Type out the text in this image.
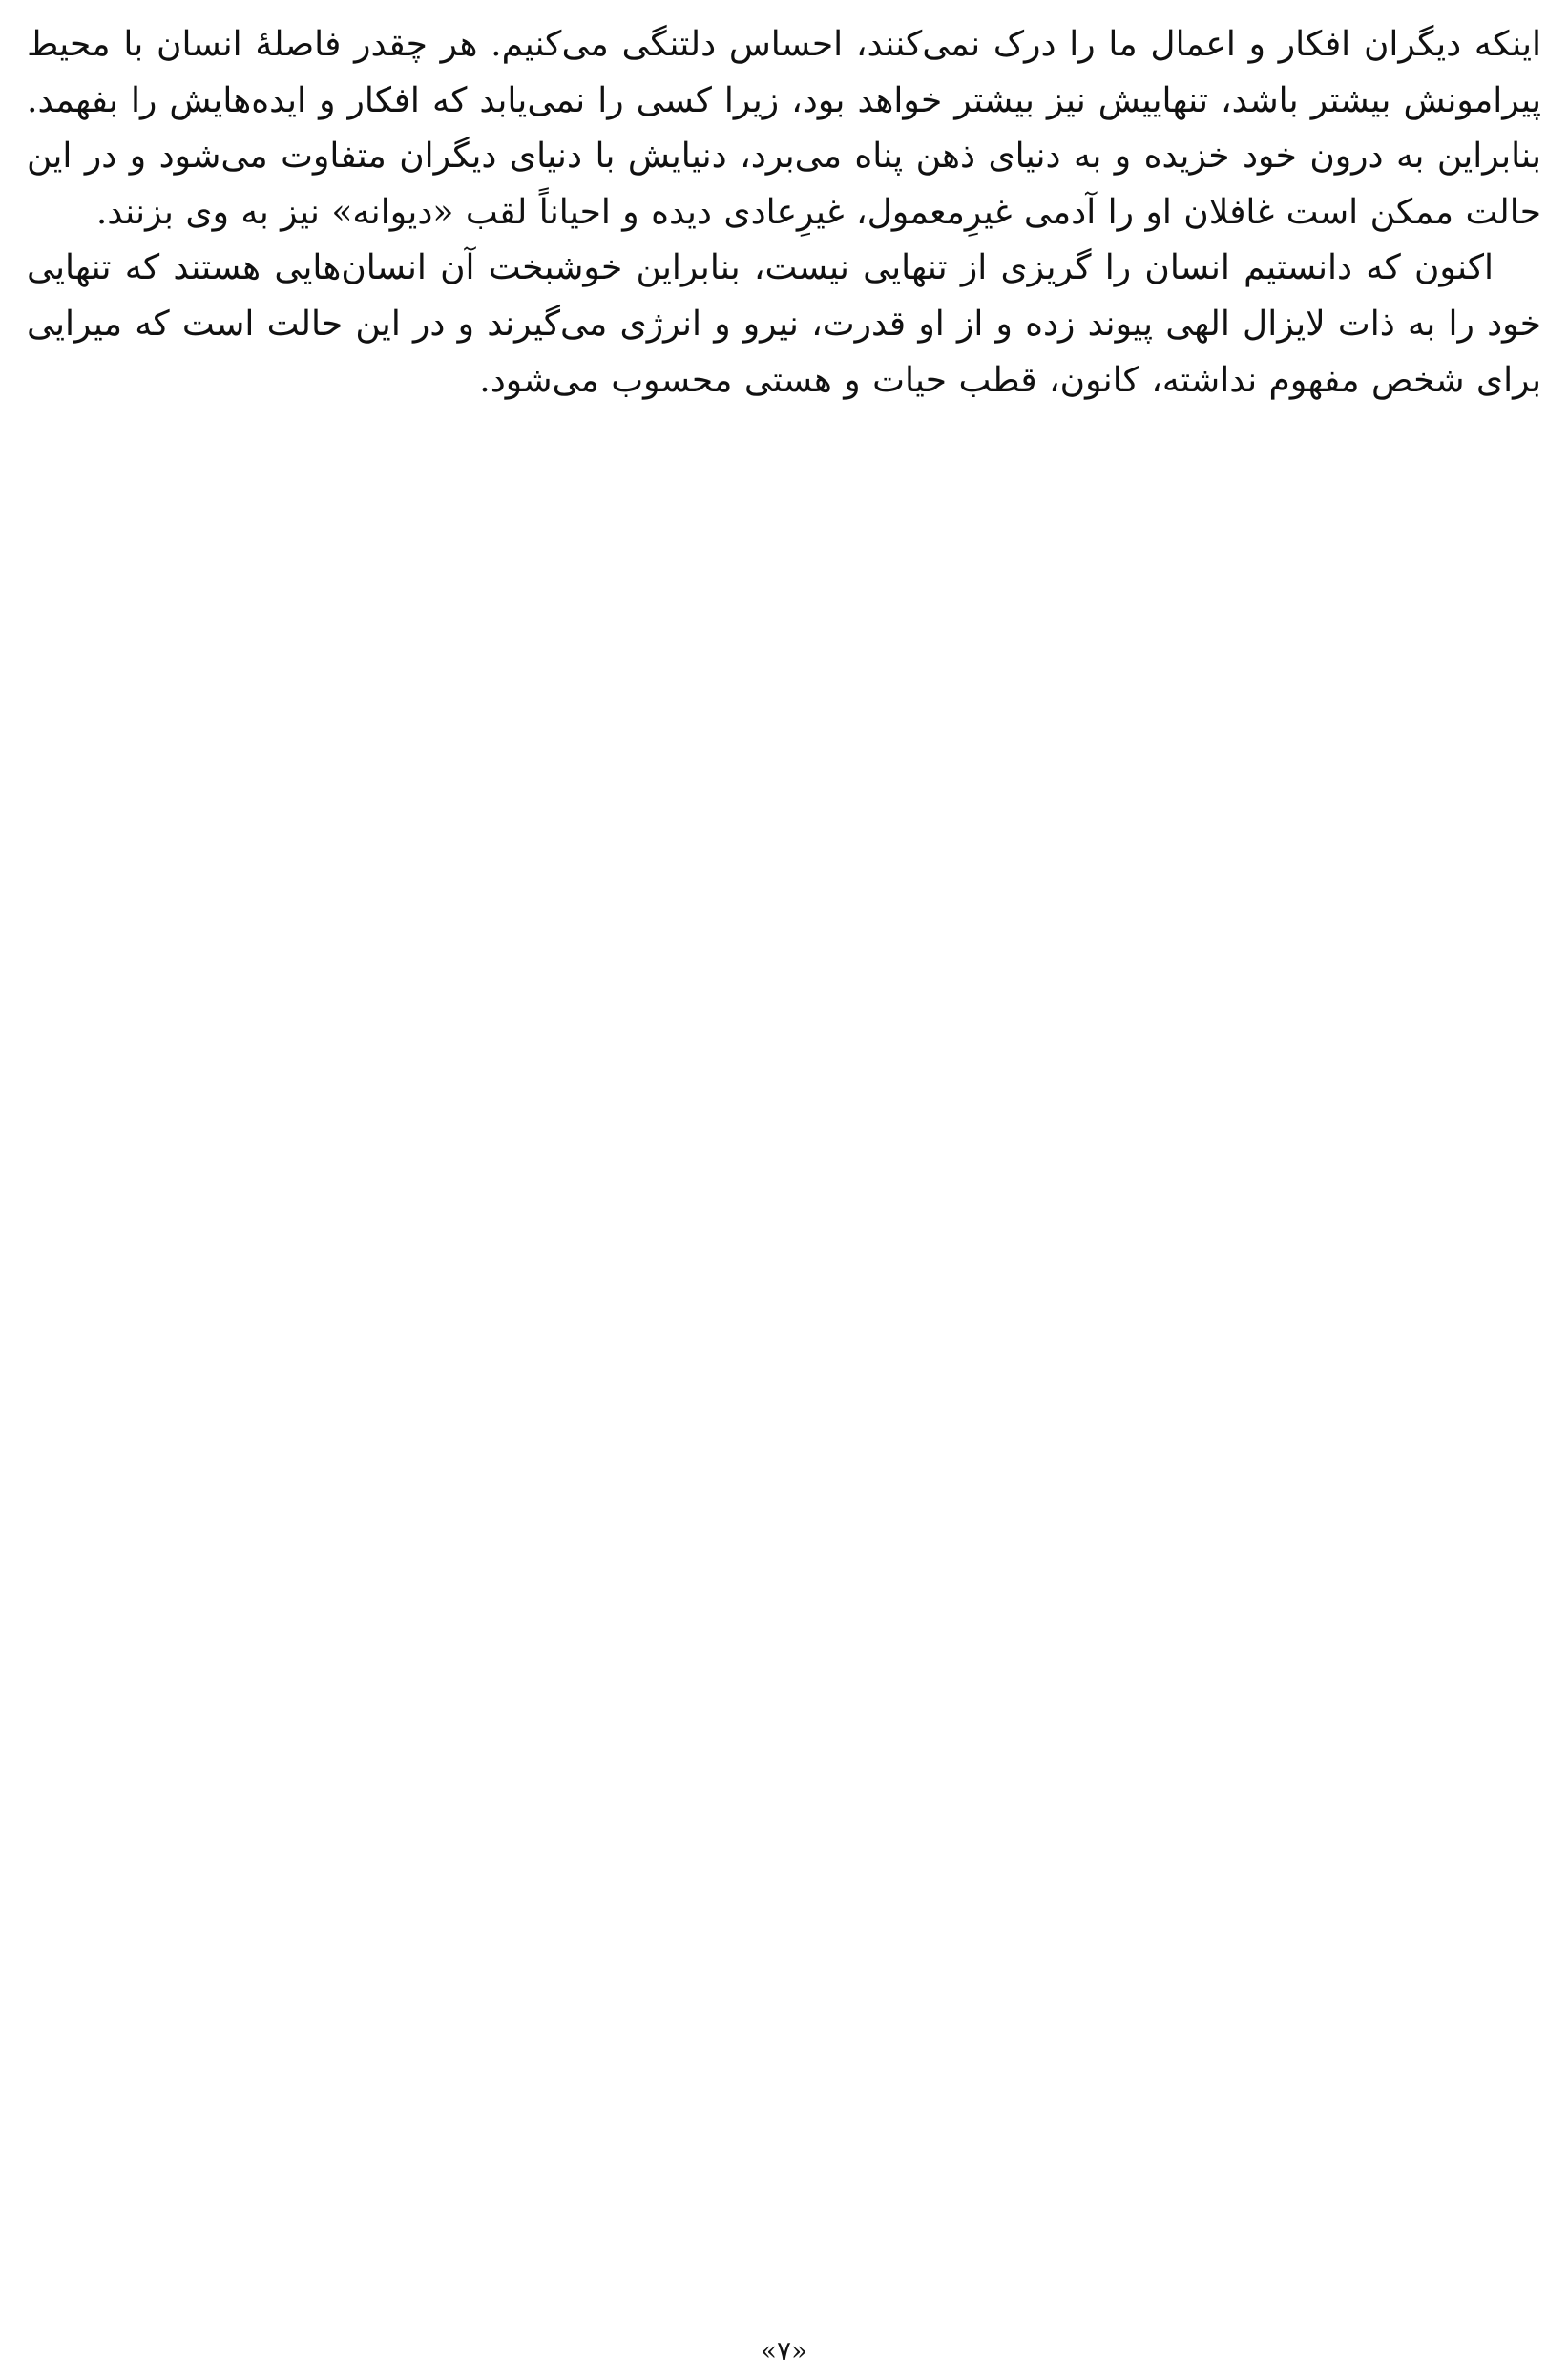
اینکه دیگران افکار و اعمال ما را درک نمی‌کنند، احساس دلتنگی می‌کنیم. هر چقدر فاصلۀ انسان با محیط پیرامونش بیشتر باشد، تنهاییش نیز بیشتر خواهد بود، زیرا کسی را نمی‌یابد که افکار و ایده‌هایش را بفهمد. بنابراین به درون خود خزیده و به دنیای ذهن پناه می‌برد، دنیایش با دنیای دیگران متفاوت می‌شود و در این حالت ممکن است غافلان او را آدمی غیرِمعمول، غیرِعادی دیده و احیاناً لقب «دیوانه» نیز به وی بزنند.

اکنون که دانستیم انسان را گریزی از تنهایی نیست، بنابراین خوشبخت آن انسان‌هایی هستند که تنهایی خود را به ذات لایزال الهی پیوند زده و از او قدرت، نیرو و انرژی می‌گیرند و در این حالت است که میرایی برای شخص مفهوم نداشته، کانون، قطب حیات و هستی محسوب می‌شود.

«۷»
